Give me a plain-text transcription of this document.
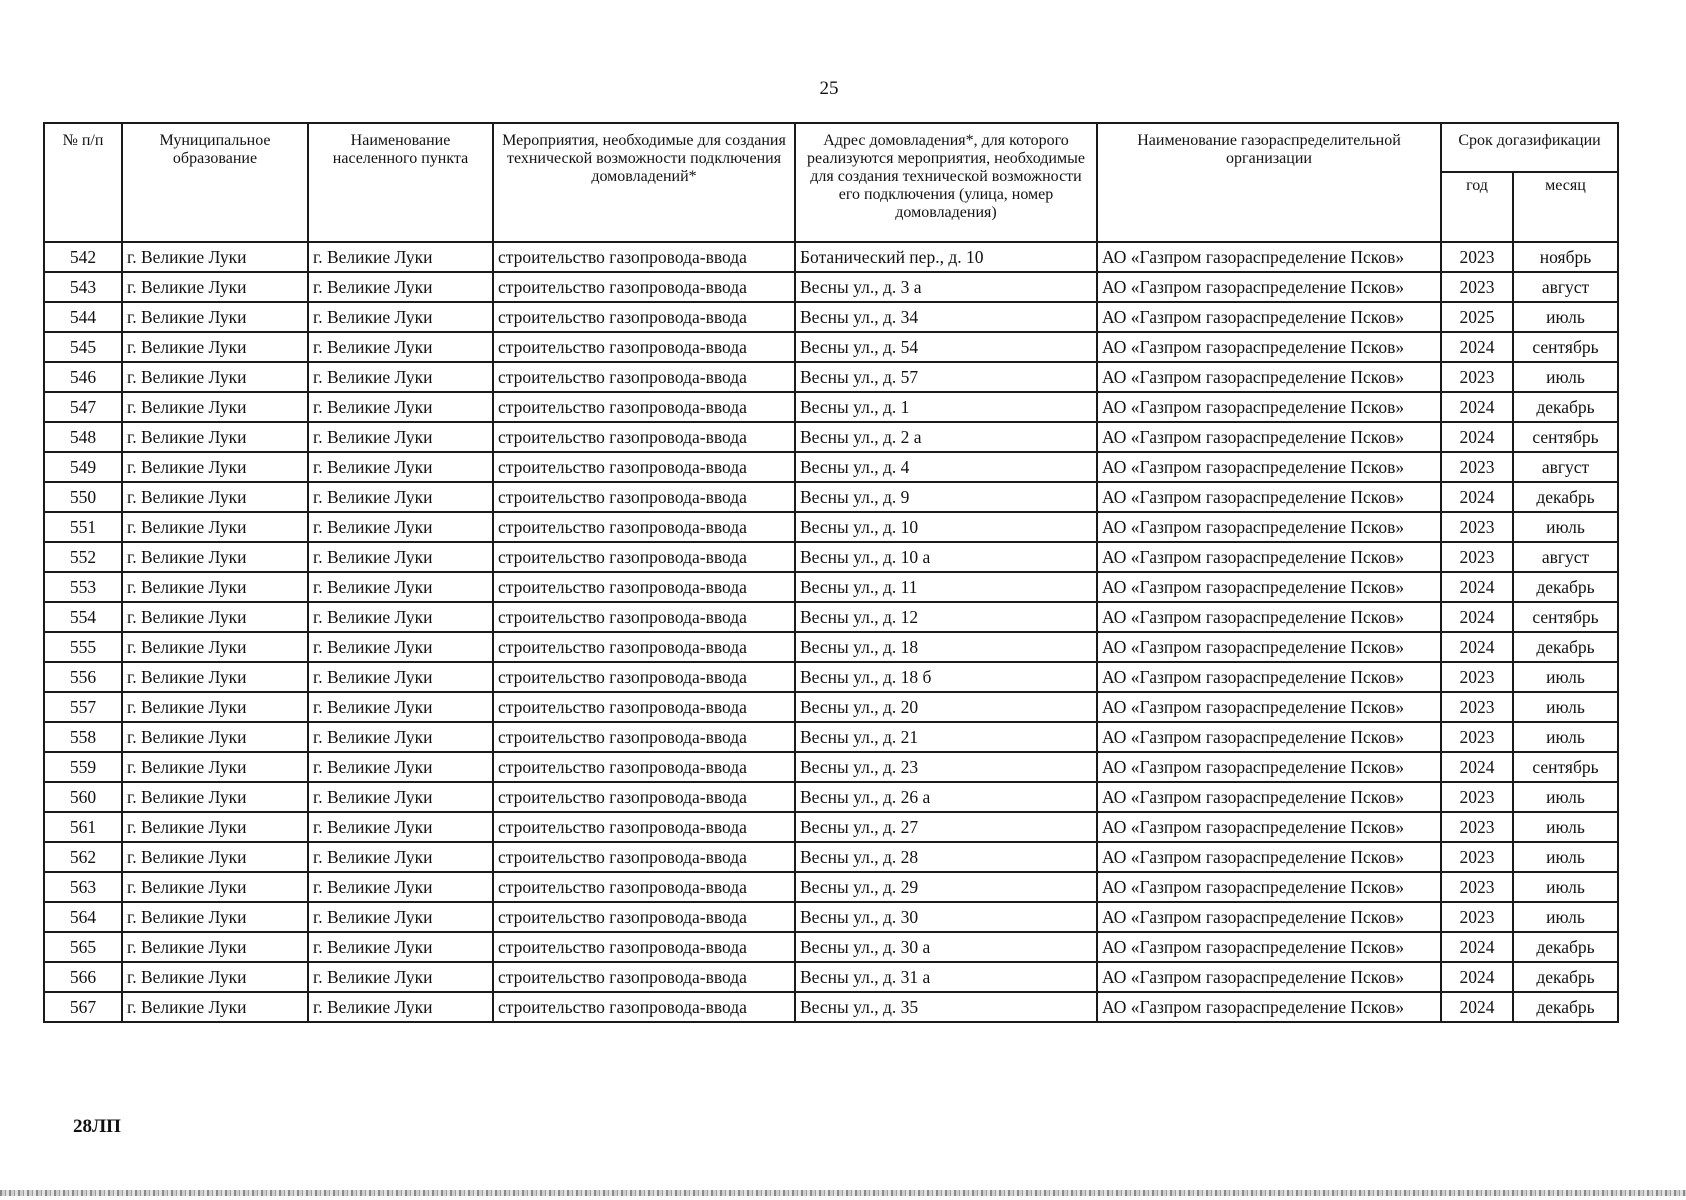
25
№ п/п	Муниципальное образование	Наименование населенного пункта	Мероприятия, необходимые для создания технической возможности подключения домовладений*	Адрес домовладения*, для которого реализуются мероприятия, необходимые для создания технической возможности его подключения (улица, номер домовладения)	Наименование газораспределительной организации	Срок догазификации	
						год	месяц
542	г. Великие Луки	г. Великие Луки	строительство газопровода-ввода	Ботанический пер., д. 10	АО «Газпром газораспределение Псков»	2023	ноябрь
543	г. Великие Луки	г. Великие Луки	строительство газопровода-ввода	Весны ул., д. 3 а	АО «Газпром газораспределение Псков»	2023	август
544	г. Великие Луки	г. Великие Луки	строительство газопровода-ввода	Весны ул., д. 34	АО «Газпром газораспределение Псков»	2025	июль
545	г. Великие Луки	г. Великие Луки	строительство газопровода-ввода	Весны ул., д. 54	АО «Газпром газораспределение Псков»	2024	сентябрь
546	г. Великие Луки	г. Великие Луки	строительство газопровода-ввода	Весны ул., д. 57	АО «Газпром газораспределение Псков»	2023	июль
547	г. Великие Луки	г. Великие Луки	строительство газопровода-ввода	Весны ул., д. 1	АО «Газпром газораспределение Псков»	2024	декабрь
548	г. Великие Луки	г. Великие Луки	строительство газопровода-ввода	Весны ул., д. 2 а	АО «Газпром газораспределение Псков»	2024	сентябрь
549	г. Великие Луки	г. Великие Луки	строительство газопровода-ввода	Весны ул., д. 4	АО «Газпром газораспределение Псков»	2023	август
550	г. Великие Луки	г. Великие Луки	строительство газопровода-ввода	Весны ул., д. 9	АО «Газпром газораспределение Псков»	2024	декабрь
551	г. Великие Луки	г. Великие Луки	строительство газопровода-ввода	Весны ул., д. 10	АО «Газпром газораспределение Псков»	2023	июль
552	г. Великие Луки	г. Великие Луки	строительство газопровода-ввода	Весны ул., д. 10 а	АО «Газпром газораспределение Псков»	2023	август
553	г. Великие Луки	г. Великие Луки	строительство газопровода-ввода	Весны ул., д. 11	АО «Газпром газораспределение Псков»	2024	декабрь
554	г. Великие Луки	г. Великие Луки	строительство газопровода-ввода	Весны ул., д. 12	АО «Газпром газораспределение Псков»	2024	сентябрь
555	г. Великие Луки	г. Великие Луки	строительство газопровода-ввода	Весны ул., д. 18	АО «Газпром газораспределение Псков»	2024	декабрь
556	г. Великие Луки	г. Великие Луки	строительство газопровода-ввода	Весны ул., д. 18 б	АО «Газпром газораспределение Псков»	2023	июль
557	г. Великие Луки	г. Великие Луки	строительство газопровода-ввода	Весны ул., д. 20	АО «Газпром газораспределение Псков»	2023	июль
558	г. Великие Луки	г. Великие Луки	строительство газопровода-ввода	Весны ул., д. 21	АО «Газпром газораспределение Псков»	2023	июль
559	г. Великие Луки	г. Великие Луки	строительство газопровода-ввода	Весны ул., д. 23	АО «Газпром газораспределение Псков»	2024	сентябрь
560	г. Великие Луки	г. Великие Луки	строительство газопровода-ввода	Весны ул., д. 26 а	АО «Газпром газораспределение Псков»	2023	июль
561	г. Великие Луки	г. Великие Луки	строительство газопровода-ввода	Весны ул., д. 27	АО «Газпром газораспределение Псков»	2023	июль
562	г. Великие Луки	г. Великие Луки	строительство газопровода-ввода	Весны ул., д. 28	АО «Газпром газораспределение Псков»	2023	июль
563	г. Великие Луки	г. Великие Луки	строительство газопровода-ввода	Весны ул., д. 29	АО «Газпром газораспределение Псков»	2023	июль
564	г. Великие Луки	г. Великие Луки	строительство газопровода-ввода	Весны ул., д. 30	АО «Газпром газораспределение Псков»	2023	июль
565	г. Великие Луки	г. Великие Луки	строительство газопровода-ввода	Весны ул., д. 30 а	АО «Газпром газораспределение Псков»	2024	декабрь
566	г. Великие Луки	г. Великие Луки	строительство газопровода-ввода	Весны ул., д. 31 а	АО «Газпром газораспределение Псков»	2024	декабрь
567	г. Великие Луки	г. Великие Луки	строительство газопровода-ввода	Весны ул., д. 35	АО «Газпром газораспределение Псков»	2024	декабрь
28ЛП
